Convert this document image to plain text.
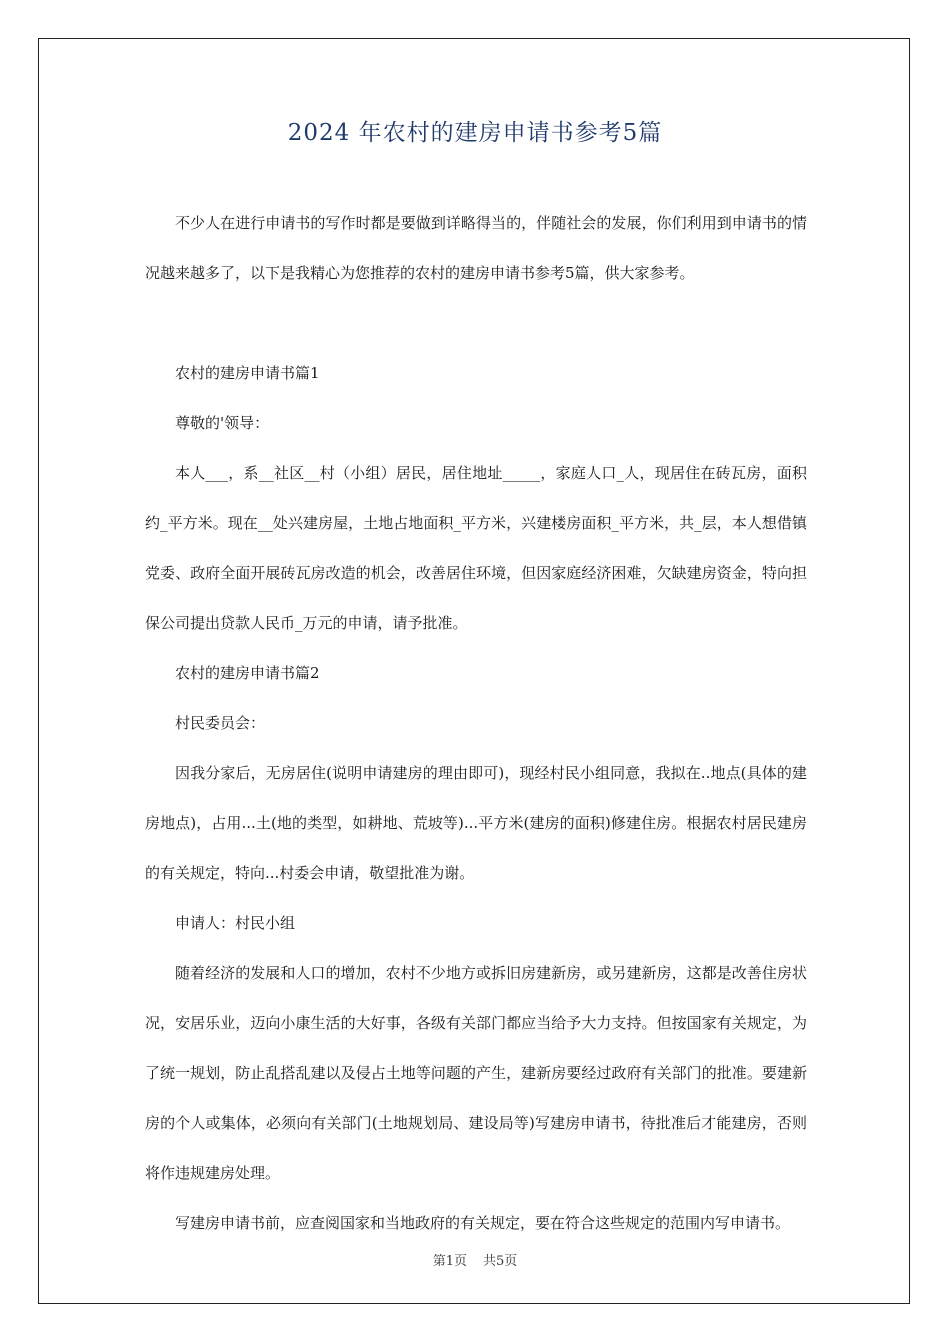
2024 年农村的建房申请书参考5篇

不少人在进行申请书的写作时都是要做到详略得当的，伴随社会的发展，你们利用到申请书的情况越来越多了，以下是我精心为您推荐的农村的建房申请书参考5篇，供大家参考。

农村的建房申请书篇1

尊敬的'领导：

本人___，系__社区__村（小组）居民，居住地址_____，家庭人口_人，现居住在砖瓦房，面积约_平方米。现在__处兴建房屋，土地占地面积_平方米，兴建楼房面积_平方米，共_层，本人想借镇党委、政府全面开展砖瓦房改造的机会，改善居住环境，但因家庭经济困难，欠缺建房资金，特向担保公司提出贷款人民币_万元的申请，请予批准。

农村的建房申请书篇2

村民委员会：

因我分家后，无房居住(说明申请建房的理由即可)，现经村民小组同意，我拟在..地点(具体的建房地点)，占用...土(地的类型，如耕地、荒坡等)...平方米(建房的面积)修建住房。根据农村居民建房的有关规定，特向...村委会申请，敬望批准为谢。

申请人：村民小组

随着经济的发展和人口的增加，农村不少地方或拆旧房建新房，或另建新房，这都是改善住房状况，安居乐业，迈向小康生活的大好事，各级有关部门都应当给予大力支持。但按国家有关规定，为了统一规划，防止乱搭乱建以及侵占土地等问题的产生，建新房要经过政府有关部门的批准。要建新房的个人或集体，必须向有关部门(土地规划局、建设局等)写建房申请书，待批准后才能建房，否则将作违规建房处理。

写建房申请书前，应查阅国家和当地政府的有关规定，要在符合这些规定的范围内写申请书。

第1页 共5页
